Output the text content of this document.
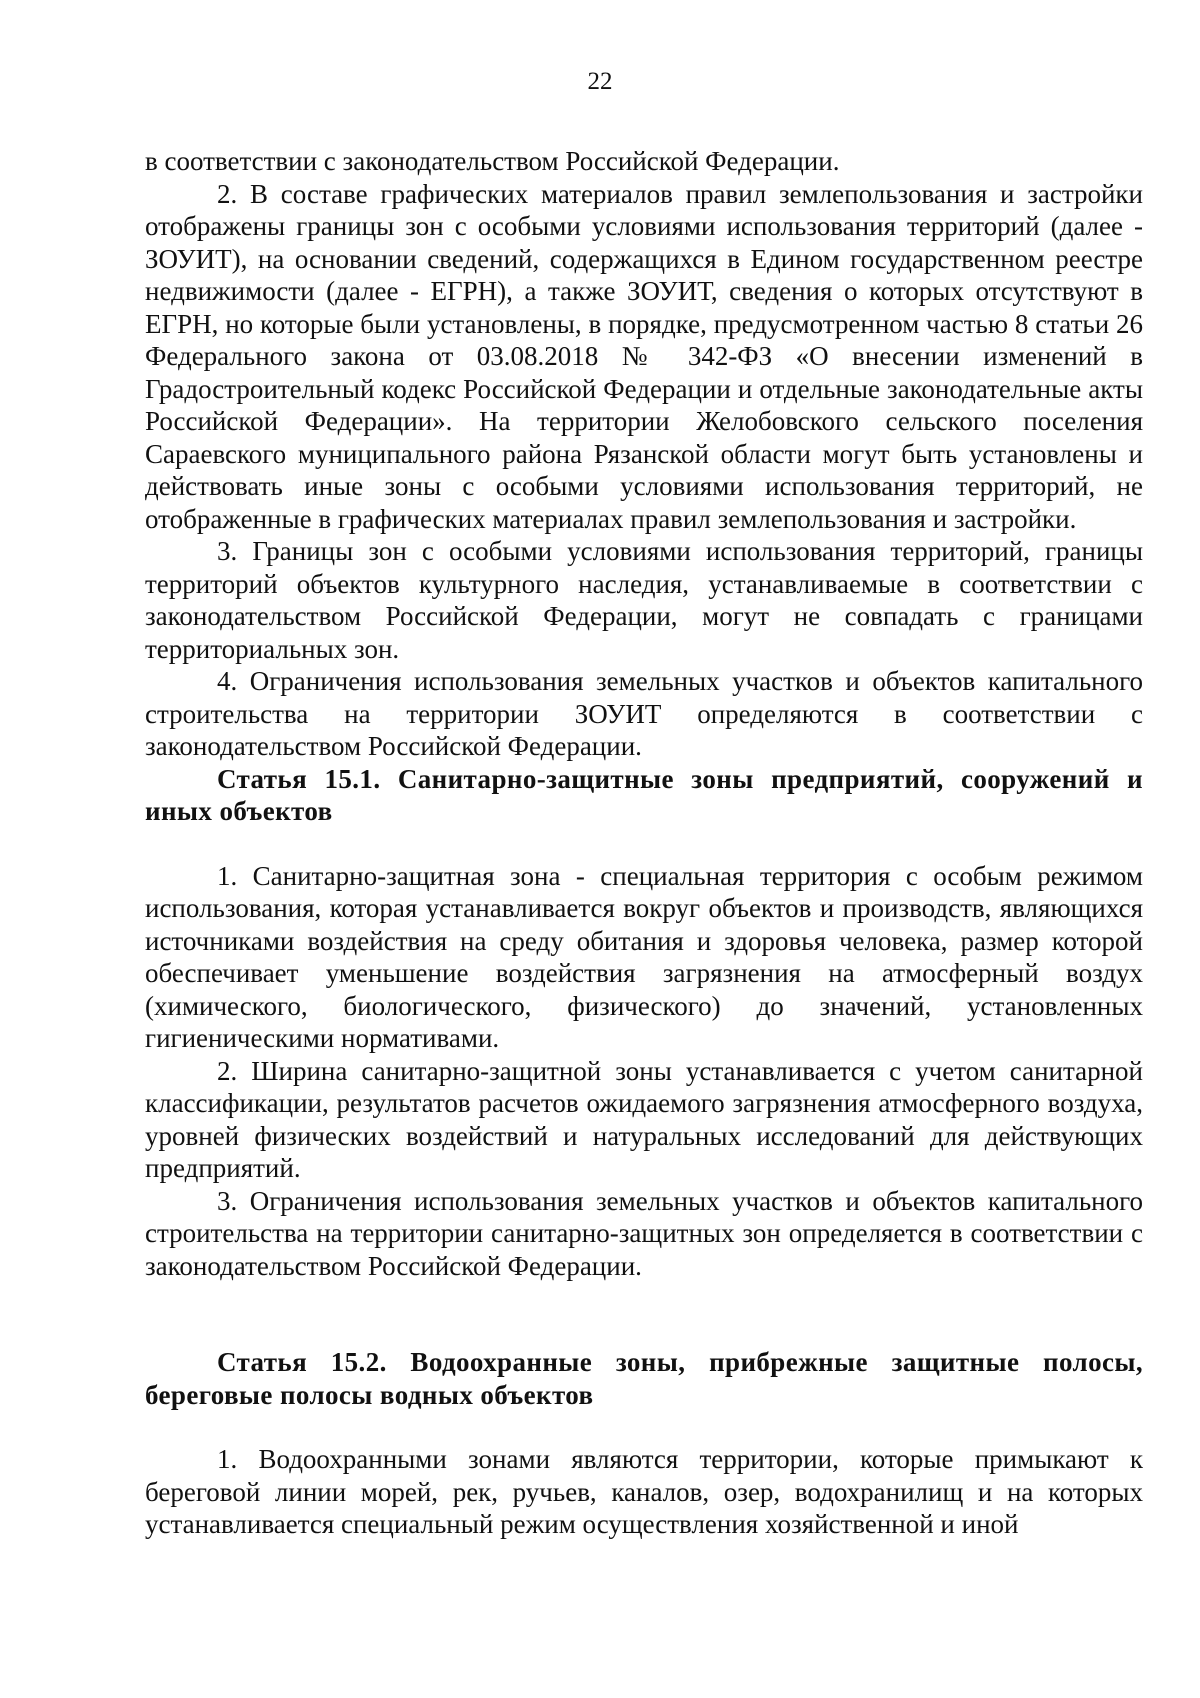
22

в соответствии с законодательством Российской Федерации.

2. В составе графических материалов правил землепользования и застройки отображены границы зон с особыми условиями использования территорий (далее - ЗОУИТ), на основании сведений, содержащихся в Едином государственном реестре недвижимости (далее - ЕГРН), а также ЗОУИТ, сведения о которых отсутствуют в ЕГРН, но которые были установлены, в порядке, предусмотренном частью 8 статьи 26 Федерального закона от 03.08.2018 № 342-ФЗ «О внесении изменений в Градостроительный кодекс Российской Федерации и отдельные законодательные акты Российской Федерации». На территории Желобовского сельского поселения Сараевского муниципального района Рязанской области могут быть установлены и действовать иные зоны с особыми условиями использования территорий, не отображенные в графических материалах правил землепользования и застройки.

3. Границы зон с особыми условиями использования территорий, границы территорий объектов культурного наследия, устанавливаемые в соответствии с законодательством Российской Федерации, могут не совпадать с границами территориальных зон.

4. Ограничения использования земельных участков и объектов капитального строительства на территории ЗОУИТ определяются в соответствии с законодательством Российской Федерации.

Статья 15.1. Санитарно-защитные зоны предприятий, сооружений и иных объектов

1. Санитарно-защитная зона - специальная территория с особым режимом использования, которая устанавливается вокруг объектов и производств, являющихся источниками воздействия на среду обитания и здоровья человека, размер которой обеспечивает уменьшение воздействия загрязнения на атмосферный воздух (химического, биологического, физического) до значений, установленных гигиеническими нормативами.

2. Ширина санитарно-защитной зоны устанавливается с учетом санитарной классификации, результатов расчетов ожидаемого загрязнения атмосферного воздуха, уровней физических воздействий и натуральных исследований для действующих предприятий.

3. Ограничения использования земельных участков и объектов капитального строительства на территории санитарно-защитных зон определяется в соответствии с законодательством Российской Федерации.

Статья 15.2. Водоохранные зоны, прибрежные защитные полосы, береговые полосы водных объектов

1. Водоохранными зонами являются территории, которые примыкают к береговой линии морей, рек, ручьев, каналов, озер, водохранилищ и на которых устанавливается специальный режим осуществления хозяйственной и иной
